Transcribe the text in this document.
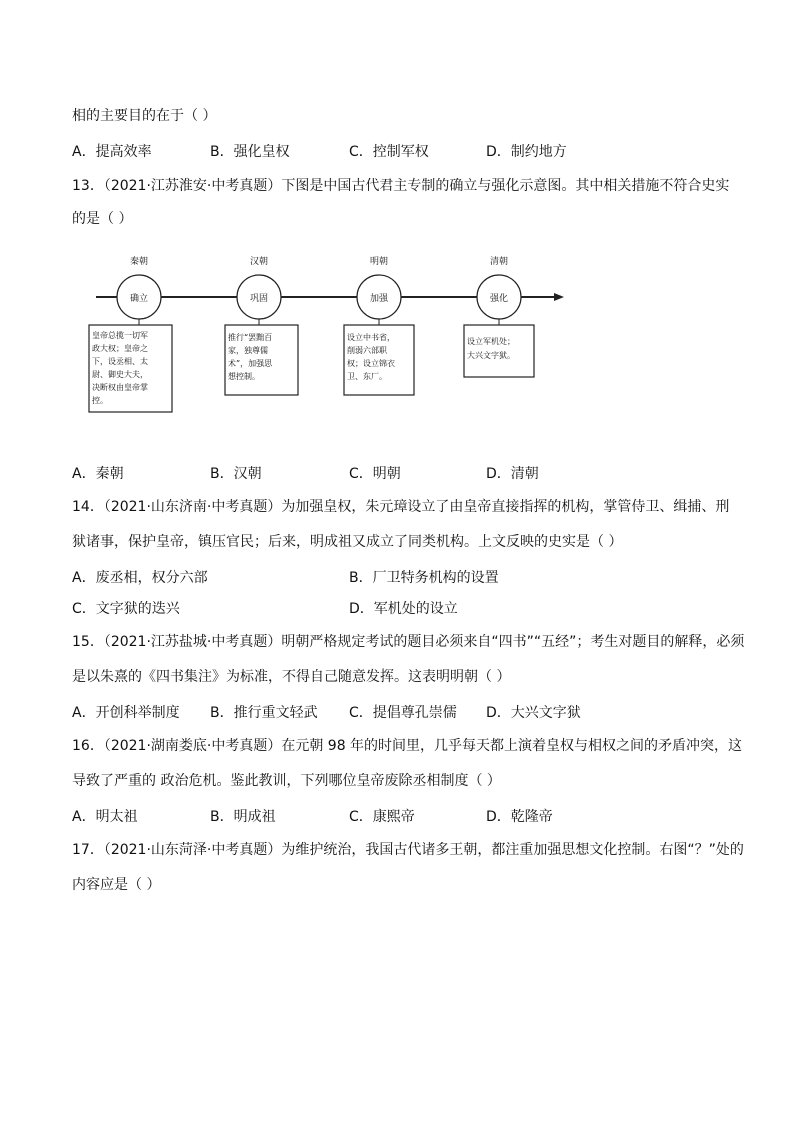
相的主要目的在于（ ）
A．提高效率	B．强化皇权	C．控制军权	D．制约地方
13．（2021·江苏淮安·中考真题）下图是中国古代君主专制的确立与强化示意图。其中相关措施不符合史实
的是（ ）
秦朝
确立
皇帝总揽一切军 政大权；皇帝之 下，设丞相、太 尉、御史大夫， 决断权由皇帝掌 控。
汉朝
巩固
推行“罢黜百 家，独尊儒 术”，加强思 想控制。
明朝
加强
设立中书省， 削弱六部职 权；设立锦衣 卫、东厂。
清朝
强化
设立军机处； 大兴文字狱。
A．秦朝	B．汉朝	C．明朝	D．清朝
14．（2021·山东济南·中考真题）为加强皇权，朱元璋设立了由皇帝直接指挥的机构，掌管侍卫、缉捕、刑
狱诸事，保护皇帝，镇压官民；后来，明成祖又成立了同类机构。上文反映的史实是（ ）
A．废丞相，权分六部	B．厂卫特务机构的设置
C．文字狱的迭兴	D．军机处的设立
15．（2021·江苏盐城·中考真题）明朝严格规定考试的题目必须来自“四书”“五经”；考生对题目的解释，必须
是以朱熹的《四书集注》为标准，不得自己随意发挥。这表明明朝（ ）
A．开创科举制度 B．推行重文轻武 C．提倡尊孔崇儒 D．大兴文字狱
16．（2021·湖南娄底·中考真题）在元朝 98 年的时间里，几乎每天都上演着皇权与相权之间的矛盾冲突，这
导致了严重的 政治危机。鉴此教训，下列哪位皇帝废除丞相制度（ ）
A．明太祖	B．明成祖	C．康熙帝	D．乾隆帝
17．（2021·山东菏泽·中考真题）为维护统治，我国古代诸多王朝，都注重加强思想文化控制。右图“？”处的
内容应是（ ）
